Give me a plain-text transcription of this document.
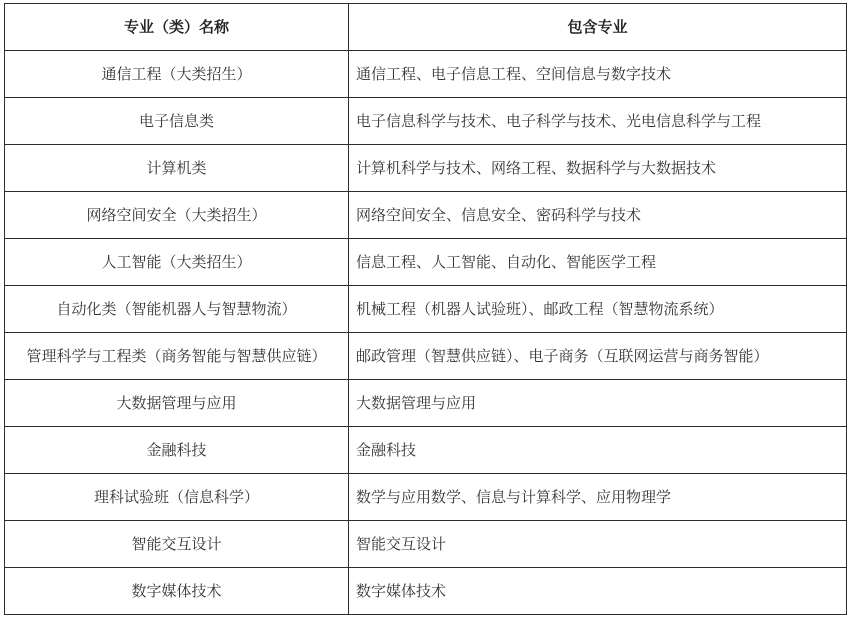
专业（类）名称	包含专业
通信工程（大类招生）	通信工程、电子信息工程、空间信息与数字技术
电子信息类	电子信息科学与技术、电子科学与技术、光电信息科学与工程
计算机类	计算机科学与技术、网络工程、数据科学与大数据技术
网络空间安全（大类招生）	网络空间安全、信息安全、密码科学与技术
人工智能（大类招生）	信息工程、人工智能、自动化、智能医学工程
自动化类（智能机器人与智慧物流）	机械工程（机器人试验班）、邮政工程（智慧物流系统）
管理科学与工程类（商务智能与智慧供应链）	邮政管理（智慧供应链）、电子商务（互联网运营与商务智能）
大数据管理与应用	大数据管理与应用
金融科技	金融科技
理科试验班（信息科学）	数学与应用数学、信息与计算科学、应用物理学
智能交互设计	智能交互设计
数字媒体技术	数字媒体技术
